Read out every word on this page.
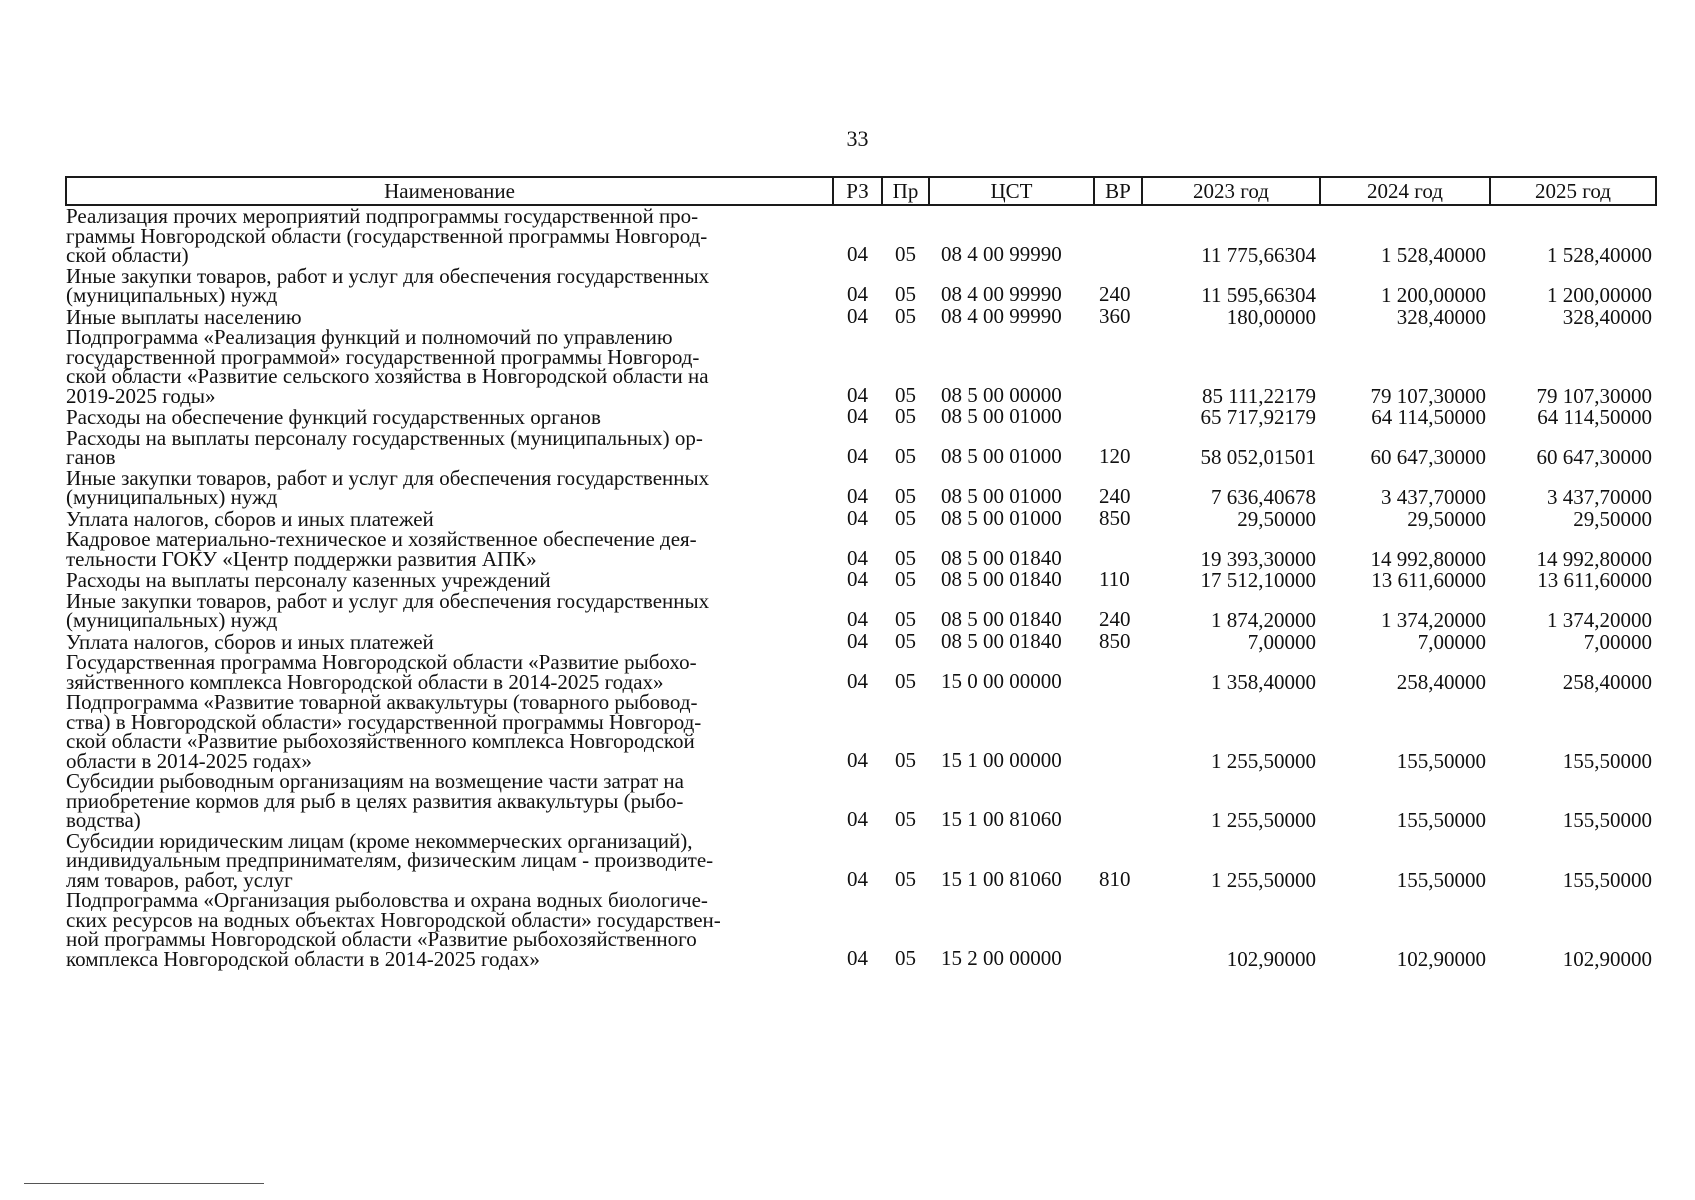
33
Наименование	РЗ	Пр	ЦСТ	ВР	2023 год	2024 год	2025 год
Реализация прочих мероприятий подпрограммы государственной про-
граммы Новгородской области (государственной программы Новгород-
ской области)	04	05	08 4 00 99990		11 775,66304	1 528,40000	1 528,40000
Иные закупки товаров, работ и услуг для обеспечения государственных
(муниципальных) нужд	04	05	08 4 00 99990	240	11 595,66304	1 200,00000	1 200,00000
Иные выплаты населению	04	05	08 4 00 99990	360	180,00000	328,40000	328,40000
Подпрограмма «Реализация функций и полномочий по управлению
государственной программой» государственной программы Новгород-
ской области «Развитие сельского хозяйства в Новгородской области на
2019-2025 годы»	04	05	08 5 00 00000		85 111,22179	79 107,30000	79 107,30000
Расходы на обеспечение функций государственных органов	04	05	08 5 00 01000		65 717,92179	64 114,50000	64 114,50000
Расходы на выплаты персоналу государственных (муниципальных) ор-
ганов	04	05	08 5 00 01000	120	58 052,01501	60 647,30000	60 647,30000
Иные закупки товаров, работ и услуг для обеспечения государственных
(муниципальных) нужд	04	05	08 5 00 01000	240	7 636,40678	3 437,70000	3 437,70000
Уплата налогов, сборов и иных платежей	04	05	08 5 00 01000	850	29,50000	29,50000	29,50000
Кадровое материально-техническое и хозяйственное обеспечение дея-
тельности ГОКУ «Центр поддержки развития АПК»	04	05	08 5 00 01840		19 393,30000	14 992,80000	14 992,80000
Расходы на выплаты персоналу казенных учреждений	04	05	08 5 00 01840	110	17 512,10000	13 611,60000	13 611,60000
Иные закупки товаров, работ и услуг для обеспечения государственных
(муниципальных) нужд	04	05	08 5 00 01840	240	1 874,20000	1 374,20000	1 374,20000
Уплата налогов, сборов и иных платежей	04	05	08 5 00 01840	850	7,00000	7,00000	7,00000
Государственная программа Новгородской области «Развитие рыбохо-
зяйственного комплекса Новгородской области в 2014-2025 годах»	04	05	15 0 00 00000		1 358,40000	258,40000	258,40000
Подпрограмма «Развитие товарной аквакультуры (товарного рыбовод-
ства) в Новгородской области» государственной программы Новгород-
ской области «Развитие рыбохозяйственного комплекса Новгородской
области в 2014-2025 годах»	04	05	15 1 00 00000		1 255,50000	155,50000	155,50000
Субсидии рыбоводным организациям на возмещение части затрат на
приобретение кормов для рыб в целях развития аквакультуры (рыбо-
водства)	04	05	15 1 00 81060		1 255,50000	155,50000	155,50000
Субсидии юридическим лицам (кроме некоммерческих организаций),
индивидуальным предпринимателям, физическим лицам - производите-
лям товаров, работ, услуг	04	05	15 1 00 81060	810	1 255,50000	155,50000	155,50000
Подпрограмма «Организация рыболовства и охрана водных биологиче-
ских ресурсов на водных объектах Новгородской области» государствен-
ной программы Новгородской области «Развитие рыбохозяйственного
комплекса Новгородской области в 2014-2025 годах»	04	05	15 2 00 00000		102,90000	102,90000	102,90000
